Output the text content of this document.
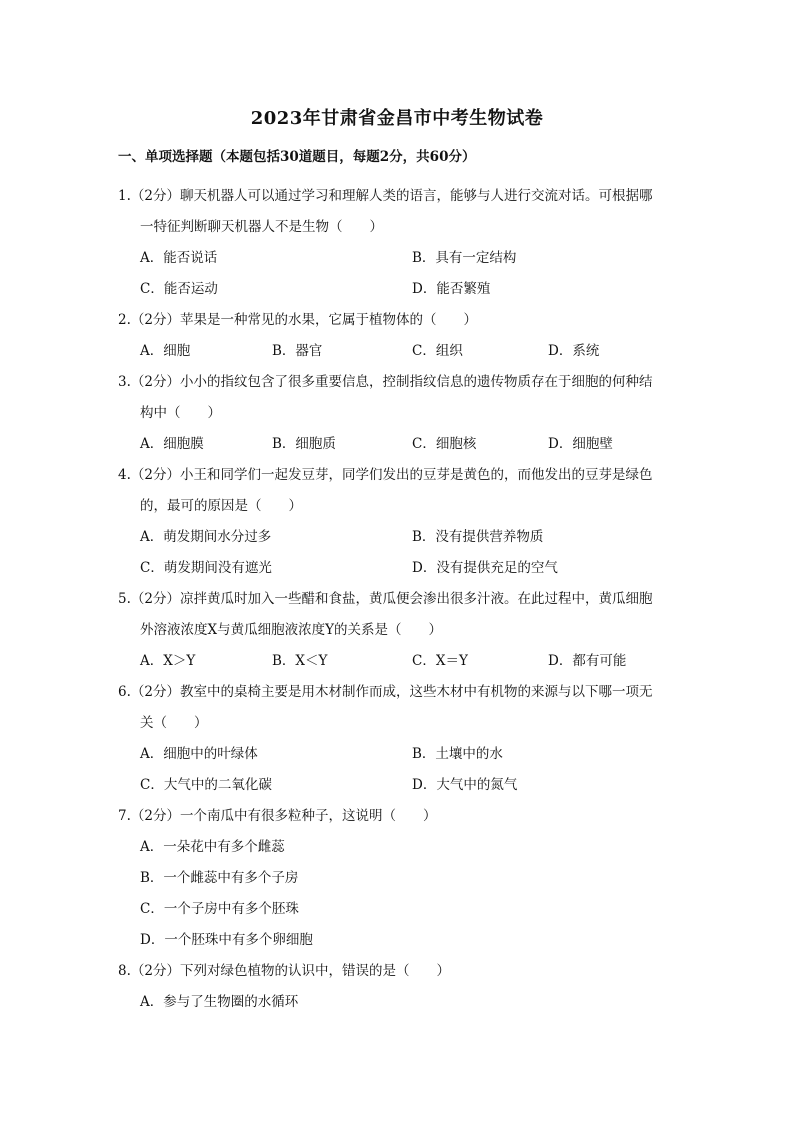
2023年甘肃省金昌市中考生物试卷
一、单项选择题（本题包括30道题目，每题2分，共60分）
1.（2分）聊天机器人可以通过学习和理解人类的语言，能够与人进行交流对话。可根据哪
一特征判断聊天机器人不是生物（　　）
A．能否说话	B．具有一定结构
C．能否运动	D．能否繁殖
2.（2分）苹果是一种常见的水果，它属于植物体的（　　）
A．细胞	B．器官	C．组织	D．系统
3.（2分）小小的指纹包含了很多重要信息，控制指纹信息的遗传物质存在于细胞的何种结
构中（　　）
A．细胞膜	B．细胞质	C．细胞核	D．细胞壁
4.（2分）小王和同学们一起发豆芽，同学们发出的豆芽是黄色的，而他发出的豆芽是绿色
的，最可的原因是（　　）
A．萌发期间水分过多	B．没有提供营养物质
C．萌发期间没有遮光	D．没有提供充足的空气
5.（2分）凉拌黄瓜时加入一些醋和食盐，黄瓜便会渗出很多汁液。在此过程中，黄瓜细胞
外溶液浓度X与黄瓜细胞液浓度Y的关系是（　　）
A．X＞Y	B．X＜Y	C．X＝Y	D．都有可能
6.（2分）教室中的桌椅主要是用木材制作而成，这些木材中有机物的来源与以下哪一项无
关（　　）
A．细胞中的叶绿体	B．土壤中的水
C．大气中的二氧化碳	D．大气中的氮气
7.（2分）一个南瓜中有很多粒种子，这说明（　　）
A．一朵花中有多个雌蕊
B．一个雌蕊中有多个子房
C．一个子房中有多个胚珠
D．一个胚珠中有多个卵细胞
8.（2分）下列对绿色植物的认识中，错误的是（　　）
A．参与了生物圈的水循环
